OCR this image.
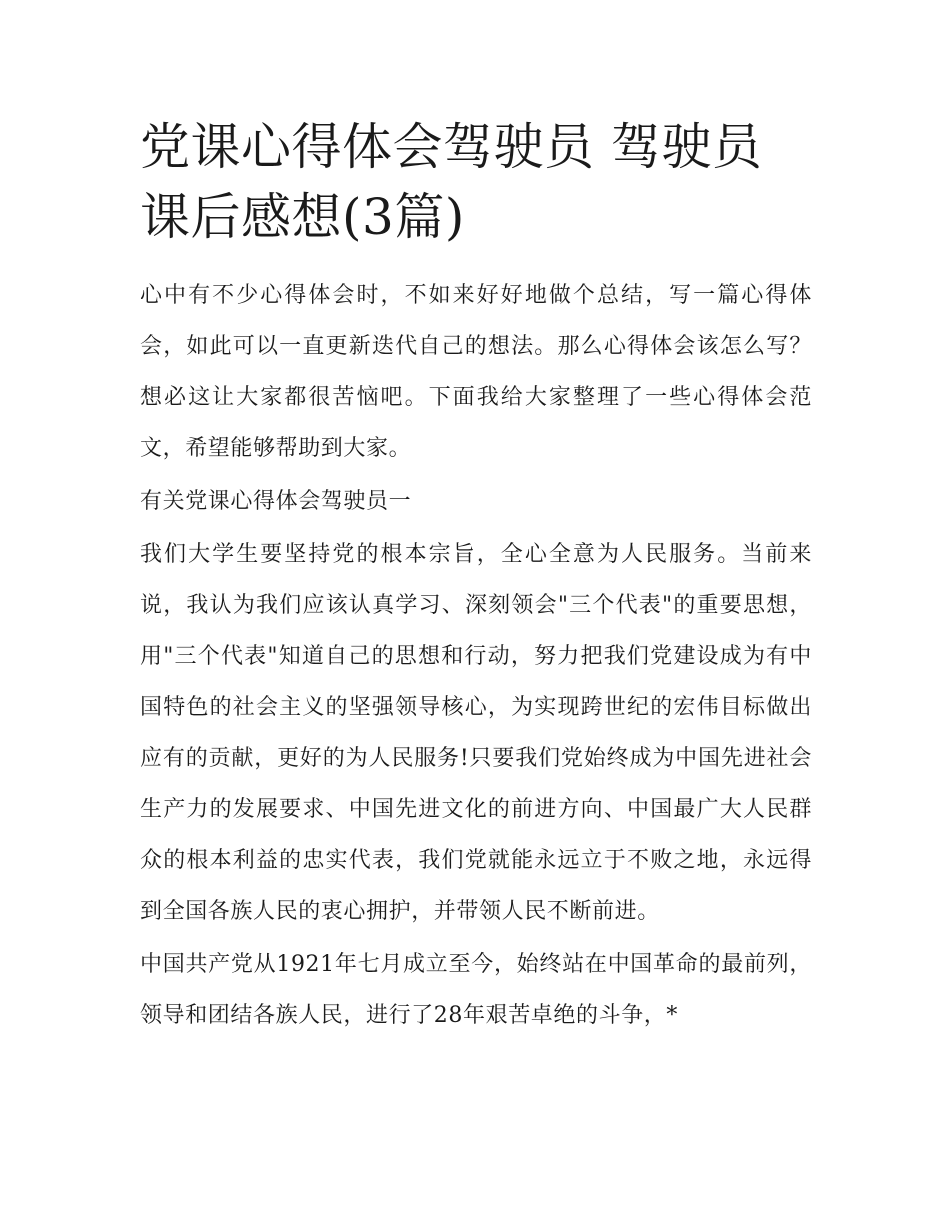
党课心得体会驾驶员 驾驶员课后感想(3篇)

心中有不少心得体会时，不如来好好地做个总结，写一篇心得体会，如此可以一直更新迭代自己的想法。那么心得体会该怎么写？想必这让大家都很苦恼吧。下面我给大家整理了一些心得体会范文，希望能够帮助到大家。

有关党课心得体会驾驶员一

我们大学生要坚持党的根本宗旨，全心全意为人民服务。当前来说，我认为我们应该认真学习、深刻领会"三个代表"的重要思想，用"三个代表"知道自己的思想和行动，努力把我们党建设成为有中国特色的社会主义的坚强领导核心，为实现跨世纪的宏伟目标做出应有的贡献，更好的为人民服务!只要我们党始终成为中国先进社会生产力的发展要求、中国先进文化的前进方向、中国最广大人民群众的根本利益的忠实代表，我们党就能永远立于不败之地，永远得到全国各族人民的衷心拥护，并带领人民不断前进。

中国共产党从1921年七月成立至今，始终站在中国革命的最前列，领导和团结各族人民，进行了28年艰苦卓绝的斗争，*
